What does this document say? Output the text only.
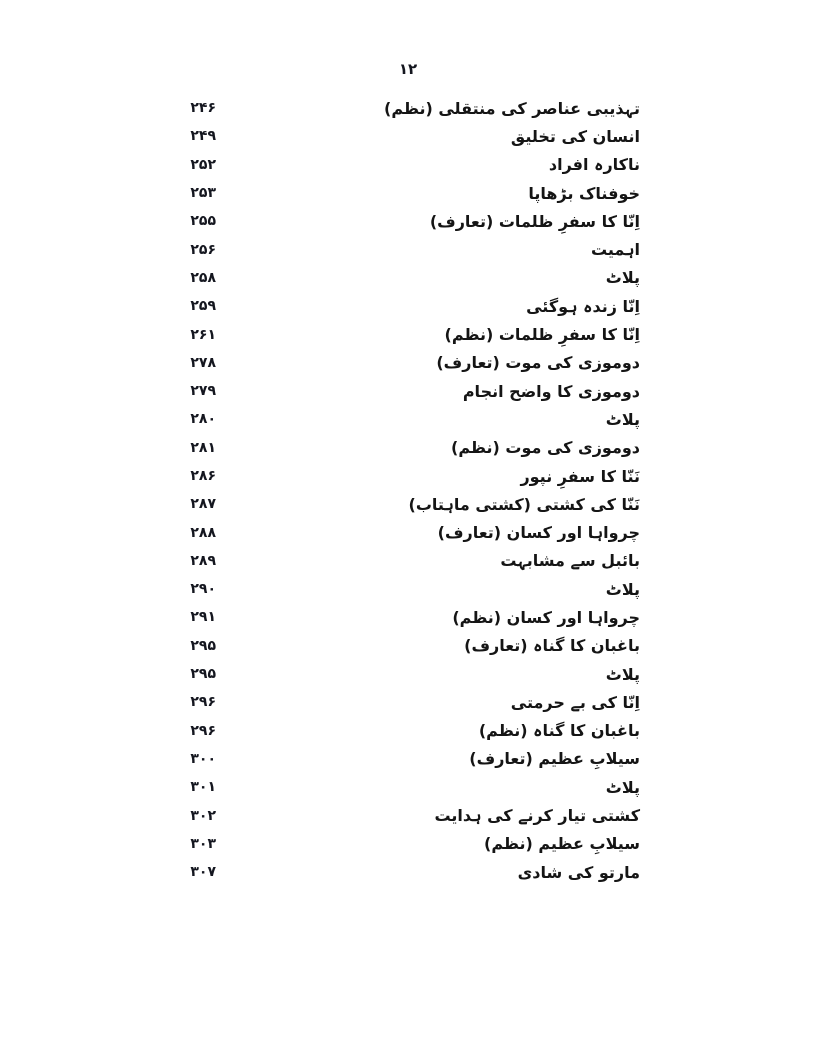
۱۲
۲۴۶	تہذیبی عناصر کی منتقلی (نظم)
۲۴۹	انسان کی تخلیق
۲۵۲	ناکارہ افراد
۲۵۳	خوفناک بڑھاپا
۲۵۵	اِنّا کا سفرِ ظلمات (تعارف)
۲۵۶	اہمیت
۲۵۸	پلاٹ
۲۵۹	اِنّا زندہ ہوگئی
۲۶۱	اِنّا کا سفرِ ظلمات (نظم)
۲۷۸	دوموزی کی موت (تعارف)
۲۷۹	دوموزی کا واضح انجام
۲۸۰	پلاٹ
۲۸۱	دوموزی کی موت (نظم)
۲۸۶	نَنّا کا سفرِ نپور
۲۸۷	نَنّا کی کشتی (کشتی ماہتاب)
۲۸۸	چرواہا اور کسان (تعارف)
۲۸۹	بائبل سے مشابہت
۲۹۰	پلاٹ
۲۹۱	چرواہا اور کسان (نظم)
۲۹۵	باغبان کا گناہ (تعارف)
۲۹۵	پلاٹ
۲۹۶	اِنّا کی بے حرمتی
۲۹۶	باغبان کا گناہ (نظم)
۳۰۰	سیلابِ عظیم (تعارف)
۳۰۱	پلاٹ
۳۰۲	کشتی تیار کرنے کی ہدایت
۳۰۳	سیلابِ عظیم (نظم)
۳۰۷	مارتو کی شادی
